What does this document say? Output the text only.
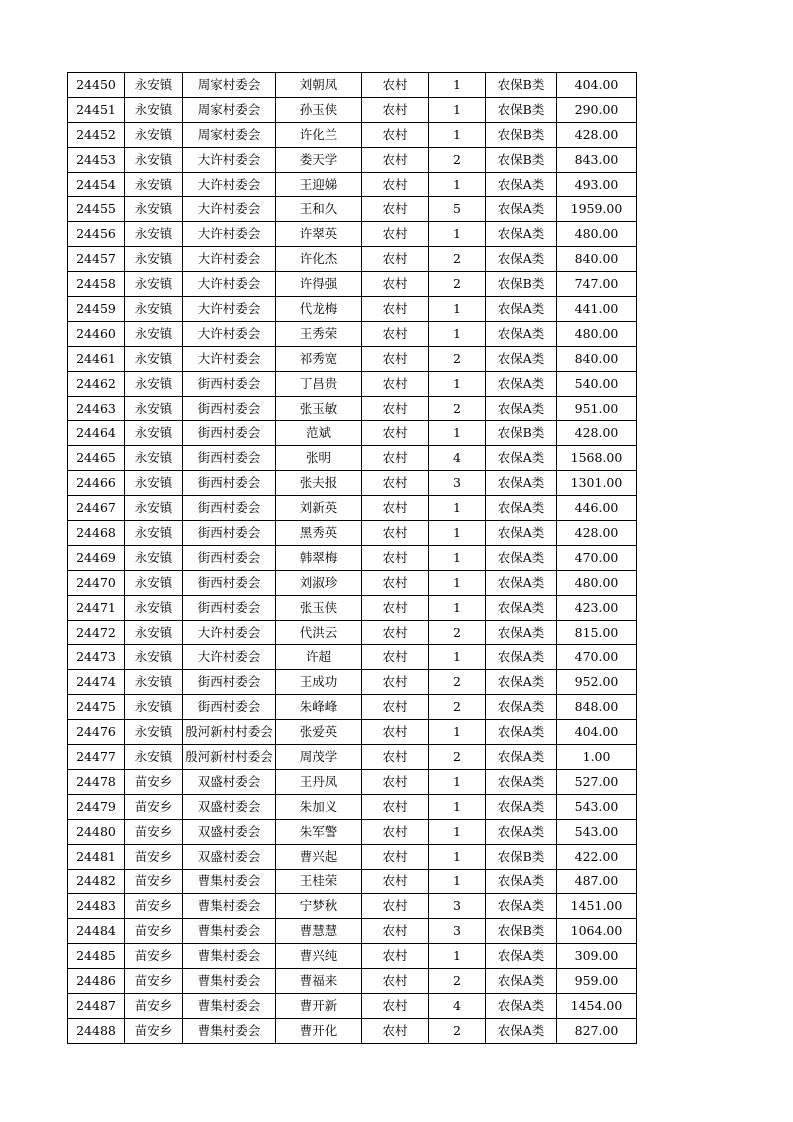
24450	永安镇	周家村委会	刘朝凤	农村	1	农保B类	404.00
24451	永安镇	周家村委会	孙玉侠	农村	1	农保B类	290.00
24452	永安镇	周家村委会	许化兰	农村	1	农保B类	428.00
24453	永安镇	大许村委会	娄天学	农村	2	农保B类	843.00
24454	永安镇	大许村委会	王迎娣	农村	1	农保A类	493.00
24455	永安镇	大许村委会	王和久	农村	5	农保A类	1959.00
24456	永安镇	大许村委会	许翠英	农村	1	农保A类	480.00
24457	永安镇	大许村委会	许化杰	农村	2	农保A类	840.00
24458	永安镇	大许村委会	许得强	农村	2	农保B类	747.00
24459	永安镇	大许村委会	代龙梅	农村	1	农保A类	441.00
24460	永安镇	大许村委会	王秀荣	农村	1	农保A类	480.00
24461	永安镇	大许村委会	祁秀宽	农村	2	农保A类	840.00
24462	永安镇	街西村委会	丁昌贵	农村	1	农保A类	540.00
24463	永安镇	街西村委会	张玉敏	农村	2	农保A类	951.00
24464	永安镇	街西村委会	范斌	农村	1	农保B类	428.00
24465	永安镇	街西村委会	张明	农村	4	农保A类	1568.00
24466	永安镇	街西村委会	张夫报	农村	3	农保A类	1301.00
24467	永安镇	街西村委会	刘新英	农村	1	农保A类	446.00
24468	永安镇	街西村委会	黑秀英	农村	1	农保A类	428.00
24469	永安镇	街西村委会	韩翠梅	农村	1	农保A类	470.00
24470	永安镇	街西村委会	刘淑珍	农村	1	农保A类	480.00
24471	永安镇	街西村委会	张玉侠	农村	1	农保A类	423.00
24472	永安镇	大许村委会	代洪云	农村	2	农保A类	815.00
24473	永安镇	大许村委会	许超	农村	1	农保A类	470.00
24474	永安镇	街西村委会	王成功	农村	2	农保A类	952.00
24475	永安镇	街西村委会	朱峰峰	农村	2	农保A类	848.00
24476	永安镇	殷河新村村委会	张爱英	农村	1	农保A类	404.00
24477	永安镇	殷河新村村委会	周茂学	农村	2	农保A类	1.00
24478	苗安乡	双盛村委会	王丹凤	农村	1	农保A类	527.00
24479	苗安乡	双盛村委会	朱加义	农村	1	农保A类	543.00
24480	苗安乡	双盛村委会	朱军警	农村	1	农保A类	543.00
24481	苗安乡	双盛村委会	曹兴起	农村	1	农保B类	422.00
24482	苗安乡	曹集村委会	王桂荣	农村	1	农保A类	487.00
24483	苗安乡	曹集村委会	宁梦秋	农村	3	农保A类	1451.00
24484	苗安乡	曹集村委会	曹慧慧	农村	3	农保B类	1064.00
24485	苗安乡	曹集村委会	曹兴纯	农村	1	农保A类	309.00
24486	苗安乡	曹集村委会	曹福来	农村	2	农保A类	959.00
24487	苗安乡	曹集村委会	曹开新	农村	4	农保A类	1454.00
24488	苗安乡	曹集村委会	曹开化	农村	2	农保A类	827.00
